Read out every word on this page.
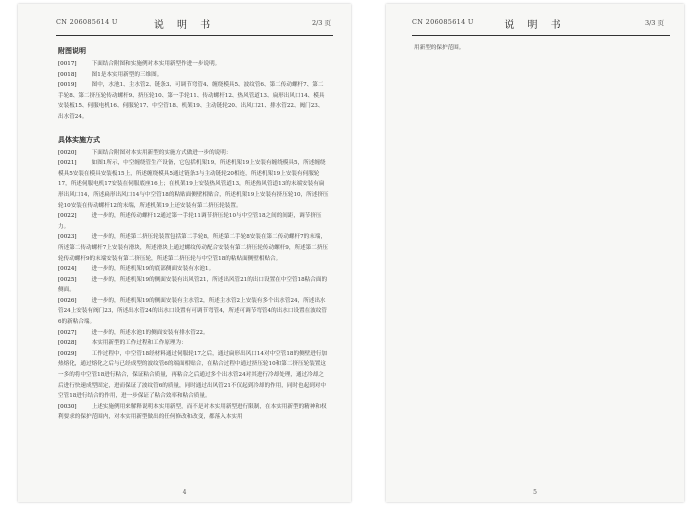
CN 206085614 U	说 明 书	2/3 页
附图说明

[0017]	下面结合附图和实施例对本实用新型作进一步说明。

[0018]	图1是本实用新型的三维图。

[0019]	图中，水池1、主水管2、链条3、可调节弯管4、缠绕模具5、波纹管6、第二传动螺杆7、第二手轮8、第二挤压轮传动螺杆9、挤压轮10、第一手轮11、传动螺杆12、热风管道13、扁形出风口14、模具安装板15、伺服电机16、伺服轮17、中空管18、机架19、主动链轮20、出风口21、排水管22、阀门23、出水管24。

具体实施方式

[0020]	下面结合附图对本实用新型的实施方式做进一步的说明：

[0021]	如图1所示，中空缠绕管生产设备，它包括机架19，所述机架19上安装有缠绕模具5，所述缠绕模具5安装在模具安装板15上，所述缠绕模具5通过链条3与主动链轮20相连，所述机架19上安装有伺服轮17，所述伺服电机17安装在伺服底座16上；在机架19上安装热风管道13，所述热风管道13的末端安装有扁形出风口14，所述扁形出风口14与中空管18的粘贴面侧壁相贴合，所述机架19上安装有挤压轮10，所述挤压轮10安装在传动螺杆12的末端，所述机架19上还安装有第二挤压轮装置。

[0022]	进一步的，所述传动螺杆12通过第一手轮11调节挤压轮10与中空管18之间的间距，调节挤压力。

[0023]	进一步的，所述第二挤压轮装置包括第二手轮8，所述第二手轮8安装在第二传动螺杆7的末端，所述第二传动螺杆7上安装有滑块，所述滑块上通过螺纹传动配合安装有第二挤压轮传动螺杆9，所述第二挤压轮传动螺杆9的末端安装有第二挤压轮，所述第二挤压轮与中空管18的粘贴面侧壁相贴合。

[0024]	进一步的，所述机架19的底部侧面安装有水池1。

[0025]	进一步的，所述机架19的侧面安装有出风管21，所述出风管21的出口设置在中空管18粘合面的侧面。

[0026]	进一步的，所述机架19的侧面安装有主水管2，所述主水管2上安装有多个出水管24，所述出水管24上安装有阀门23，所述出水管24的出水口设置有可调节弯管4，所述可调节弯管4的出水口设置在波纹管6的新粘合端。

[0027]	进一步的，所述水池1的侧面安装有排水管22。

[0028]	本实用新型的工作过程和工作原理为：

[0029]	工作过程中，中空管18经材料通过伺服轮17之后，通过扁形出风口14对中空管18的侧壁进行加热熔化，通过熔化之后与已经成型的波纹管6的端面相贴合，在粘合过程中通过挤压轮10和第二挤压轮装置这一多的将中空管18进行粘合，保证粘合质量，再粘合之后通过多个出水管24对其进行冷却处理，通过冷却之后进行快速成型固定，进而保证了波纹管6的质量，同时通过出风管21不仅起到冷却的作用，同时也起到对中空管18进行结合的作用，进一步保证了粘合效率和粘合质量。

[0030]	上述实施例用来解释说明本实用新型，而不是对本实用新型进行限制，在本实用新型的精神和权利要求的保护范围内，对本实用新型做出的任何修改和改变，都落入本实用

4
CN 206085614 U	说 明 书	3/3 页

用新型的保护范围。

5
